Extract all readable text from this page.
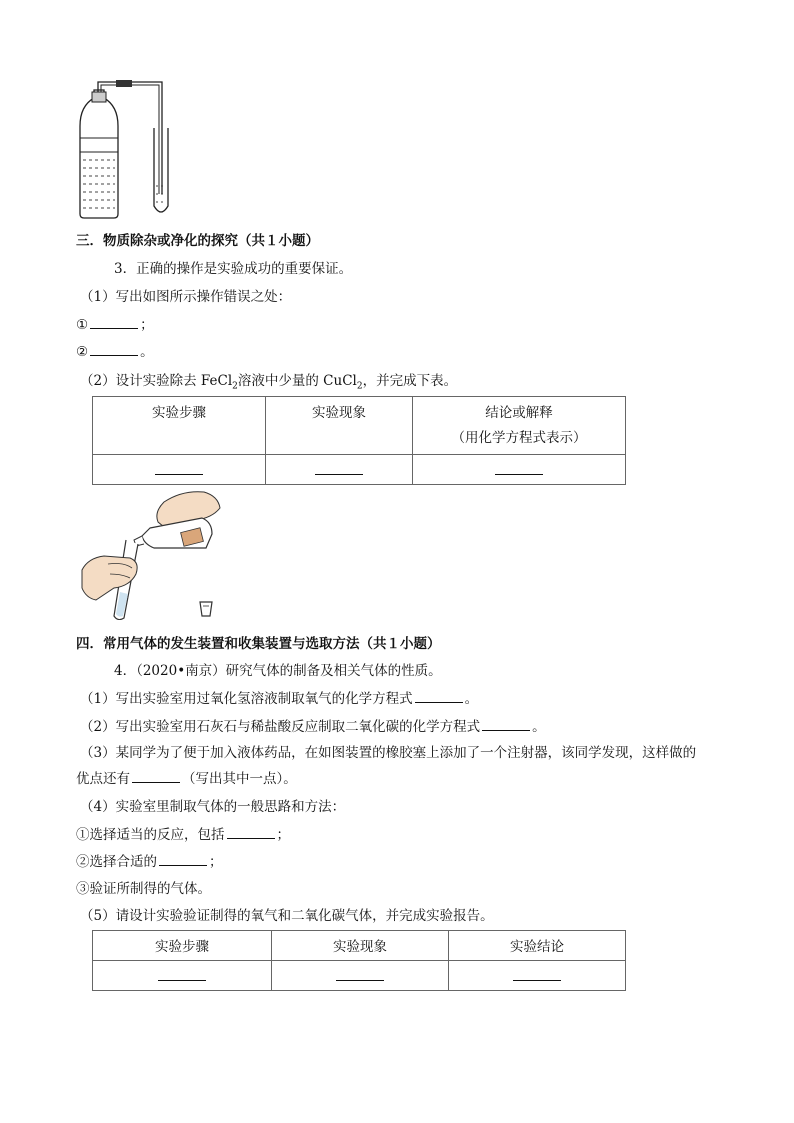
三．物质除杂或净化的探究（共１小题）
3．正确的操作是实验成功的重要保证。
（1）写出如图所示操作错误之处：
①	；
②	。
（2）设计实验除去 FeCl$_2$溶液中少量的 CuCl$_2$，并完成下表。
实验步骤	实验现象	结论或解释
（用化学方程式表示）

四．常用气体的发生装置和收集装置与选取方法（共１小题）
4．（2020•南京）研究气体的制备及相关气体的性质。
（1）写出实验室用过氧化氢溶液制取氧气的化学方程式	。
（2）写出实验室用石灰石与稀盐酸反应制取二氧化碳的化学方程式	。
（3）某同学为了便于加入液体药品，在如图装置的橡胶塞上添加了一个注射器，该同学发现，这样做的
优点还有	（写出其中一点）。
（4）实验室里制取气体的一般思路和方法：
①选择适当的反应，包括	；
②选择合适的	；
③验证所制得的气体。
（5）请设计实验验证制得的氧气和二氧化碳气体，并完成实验报告。
实验步骤	实验现象	实验结论
